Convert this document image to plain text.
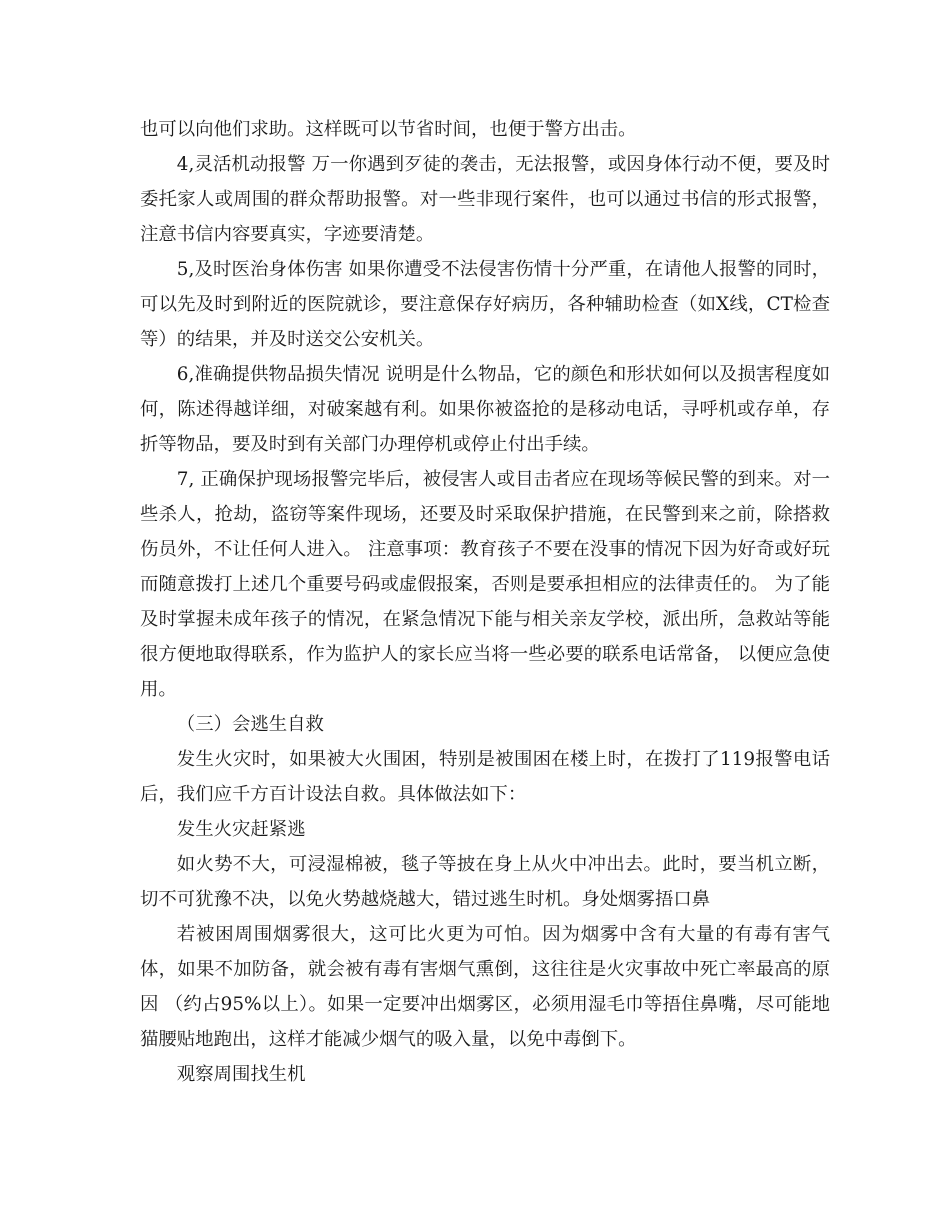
也可以向他们求助。这样既可以节省时间，也便于警方出击。

4,灵活机动报警 万一你遇到歹徒的袭击，无法报警，或因身体行动不便，要及时委托家人或周围的群众帮助报警。对一些非现行案件，也可以通过书信的形式报警，注意书信内容要真实，字迹要清楚。

5,及时医治身体伤害 如果你遭受不法侵害伤情十分严重，在请他人报警的同时，可以先及时到附近的医院就诊，要注意保存好病历，各种辅助检查（如X线，CT检查等）的结果，并及时送交公安机关。

6,准确提供物品损失情况 说明是什么物品，它的颜色和形状如何以及损害程度如何，陈述得越详细，对破案越有利。如果你被盗抢的是移动电话，寻呼机或存单，存折等物品，要及时到有关部门办理停机或停止付出手续。

7, 正确保护现场报警完毕后，被侵害人或目击者应在现场等候民警的到来。对一些杀人，抢劫，盗窃等案件现场，还要及时采取保护措施，在民警到来之前，除搭救伤员外，不让任何人进入。 注意事项：教育孩子不要在没事的情况下因为好奇或好玩而随意拨打上述几个重要号码或虚假报案，否则是要承担相应的法律责任的。 为了能及时掌握未成年孩子的情况，在紧急情况下能与相关亲友学校，派出所，急救站等能很方便地取得联系，作为监护人的家长应当将一些必要的联系电话常备， 以便应急使用。

（三）会逃生自救

发生火灾时，如果被大火围困，特别是被围困在楼上时，在拨打了119报警电话后，我们应千方百计设法自救。具体做法如下：

发生火灾赶紧逃

如火势不大，可浸湿棉被，毯子等披在身上从火中冲出去。此时，要当机立断，切不可犹豫不决，以免火势越烧越大，错过逃生时机。身处烟雾捂口鼻

若被困周围烟雾很大，这可比火更为可怕。因为烟雾中含有大量的有毒有害气体，如果不加防备，就会被有毒有害烟气熏倒，这往往是火灾事故中死亡率最高的原因 （约占95%以上）。如果一定要冲出烟雾区，必须用湿毛巾等捂住鼻嘴，尽可能地猫腰贴地跑出，这样才能减少烟气的吸入量，以免中毒倒下。

观察周围找生机
